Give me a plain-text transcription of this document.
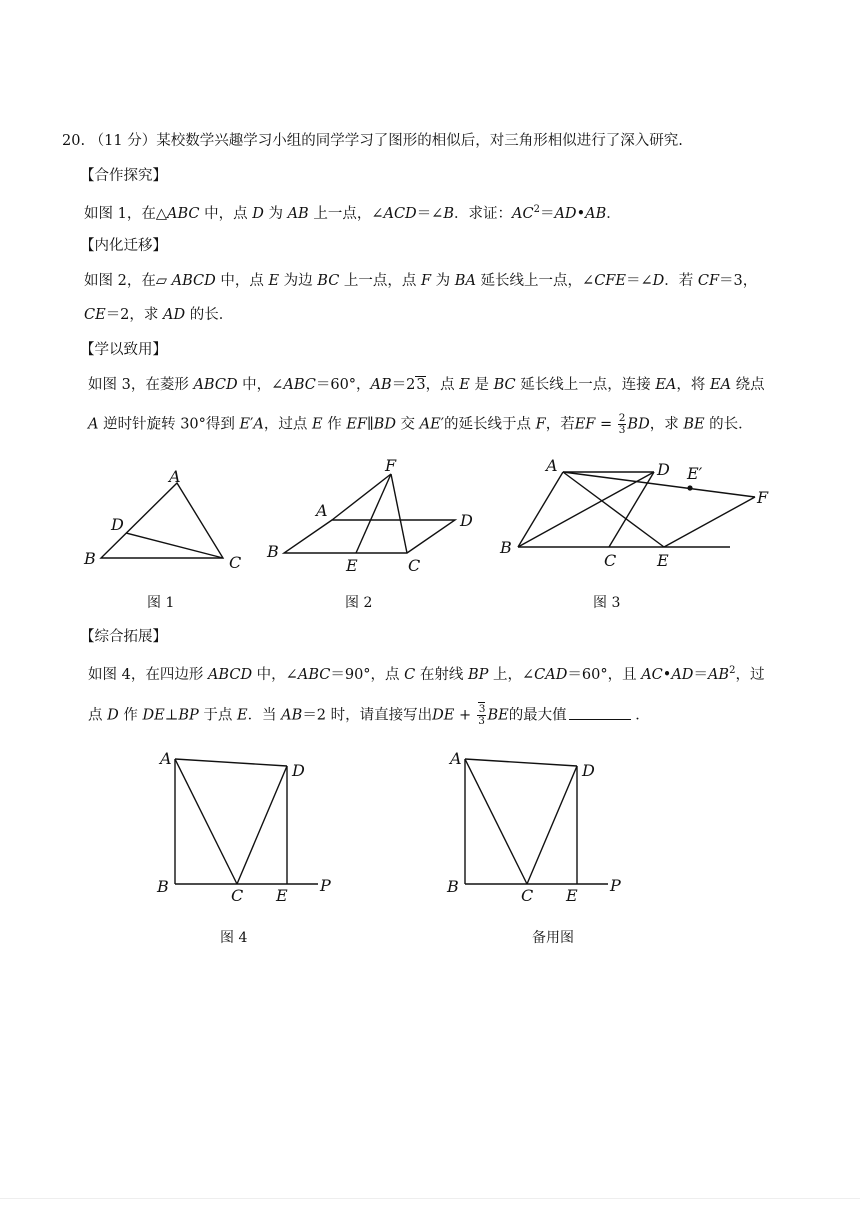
20. （11 分）某校数学兴趣学习小组的同学学习了图形的相似后，对三角形相似进行了深入研究.
【合作探究】
如图 1，在△ABC 中，点 D 为 AB 上一点，∠ACD＝∠B．求证：$AC^2=AD•AB$．
【内化迁移】
如图 2，在▱ ABCD 中，点 E 为边 BC 上一点，点 F 为 BA 延长线上一点，∠CFE＝∠D．若 CF＝3，
CE＝2，求 AD 的长．
【学以致用】
如图 3，在菱形 ABCD 中，∠ABC＝60°，AB＝23，点 E 是 BC 延长线上一点，连接 EA，将 EA 绕点
A 逆时针旋转 30°得到 E′A，过点 E 作 EF∥BD 交 AE′的延长线于点 F，若EF = $\frac{2}{3}$ BD，求 BE 的长．
A
B	C
D
A
B
C
D
E
F	A
B
C
D
E
E′
F
A
B	C
D
E
P
A
B	C
D
E
P
图 1	图 2	图 3
【综合拓展】
如图 4，在四边形 ABCD 中，∠ABC＝90°，点 C 在射线 BP 上，∠CAD＝60°，且 $AC•AD=AB^2$，过
点 D 作 DE⊥BP 于点 E．当 AB＝2 时，请直接写出DE + $\frac{3}{3}$ BE的最大值	．
图 4	备用图
